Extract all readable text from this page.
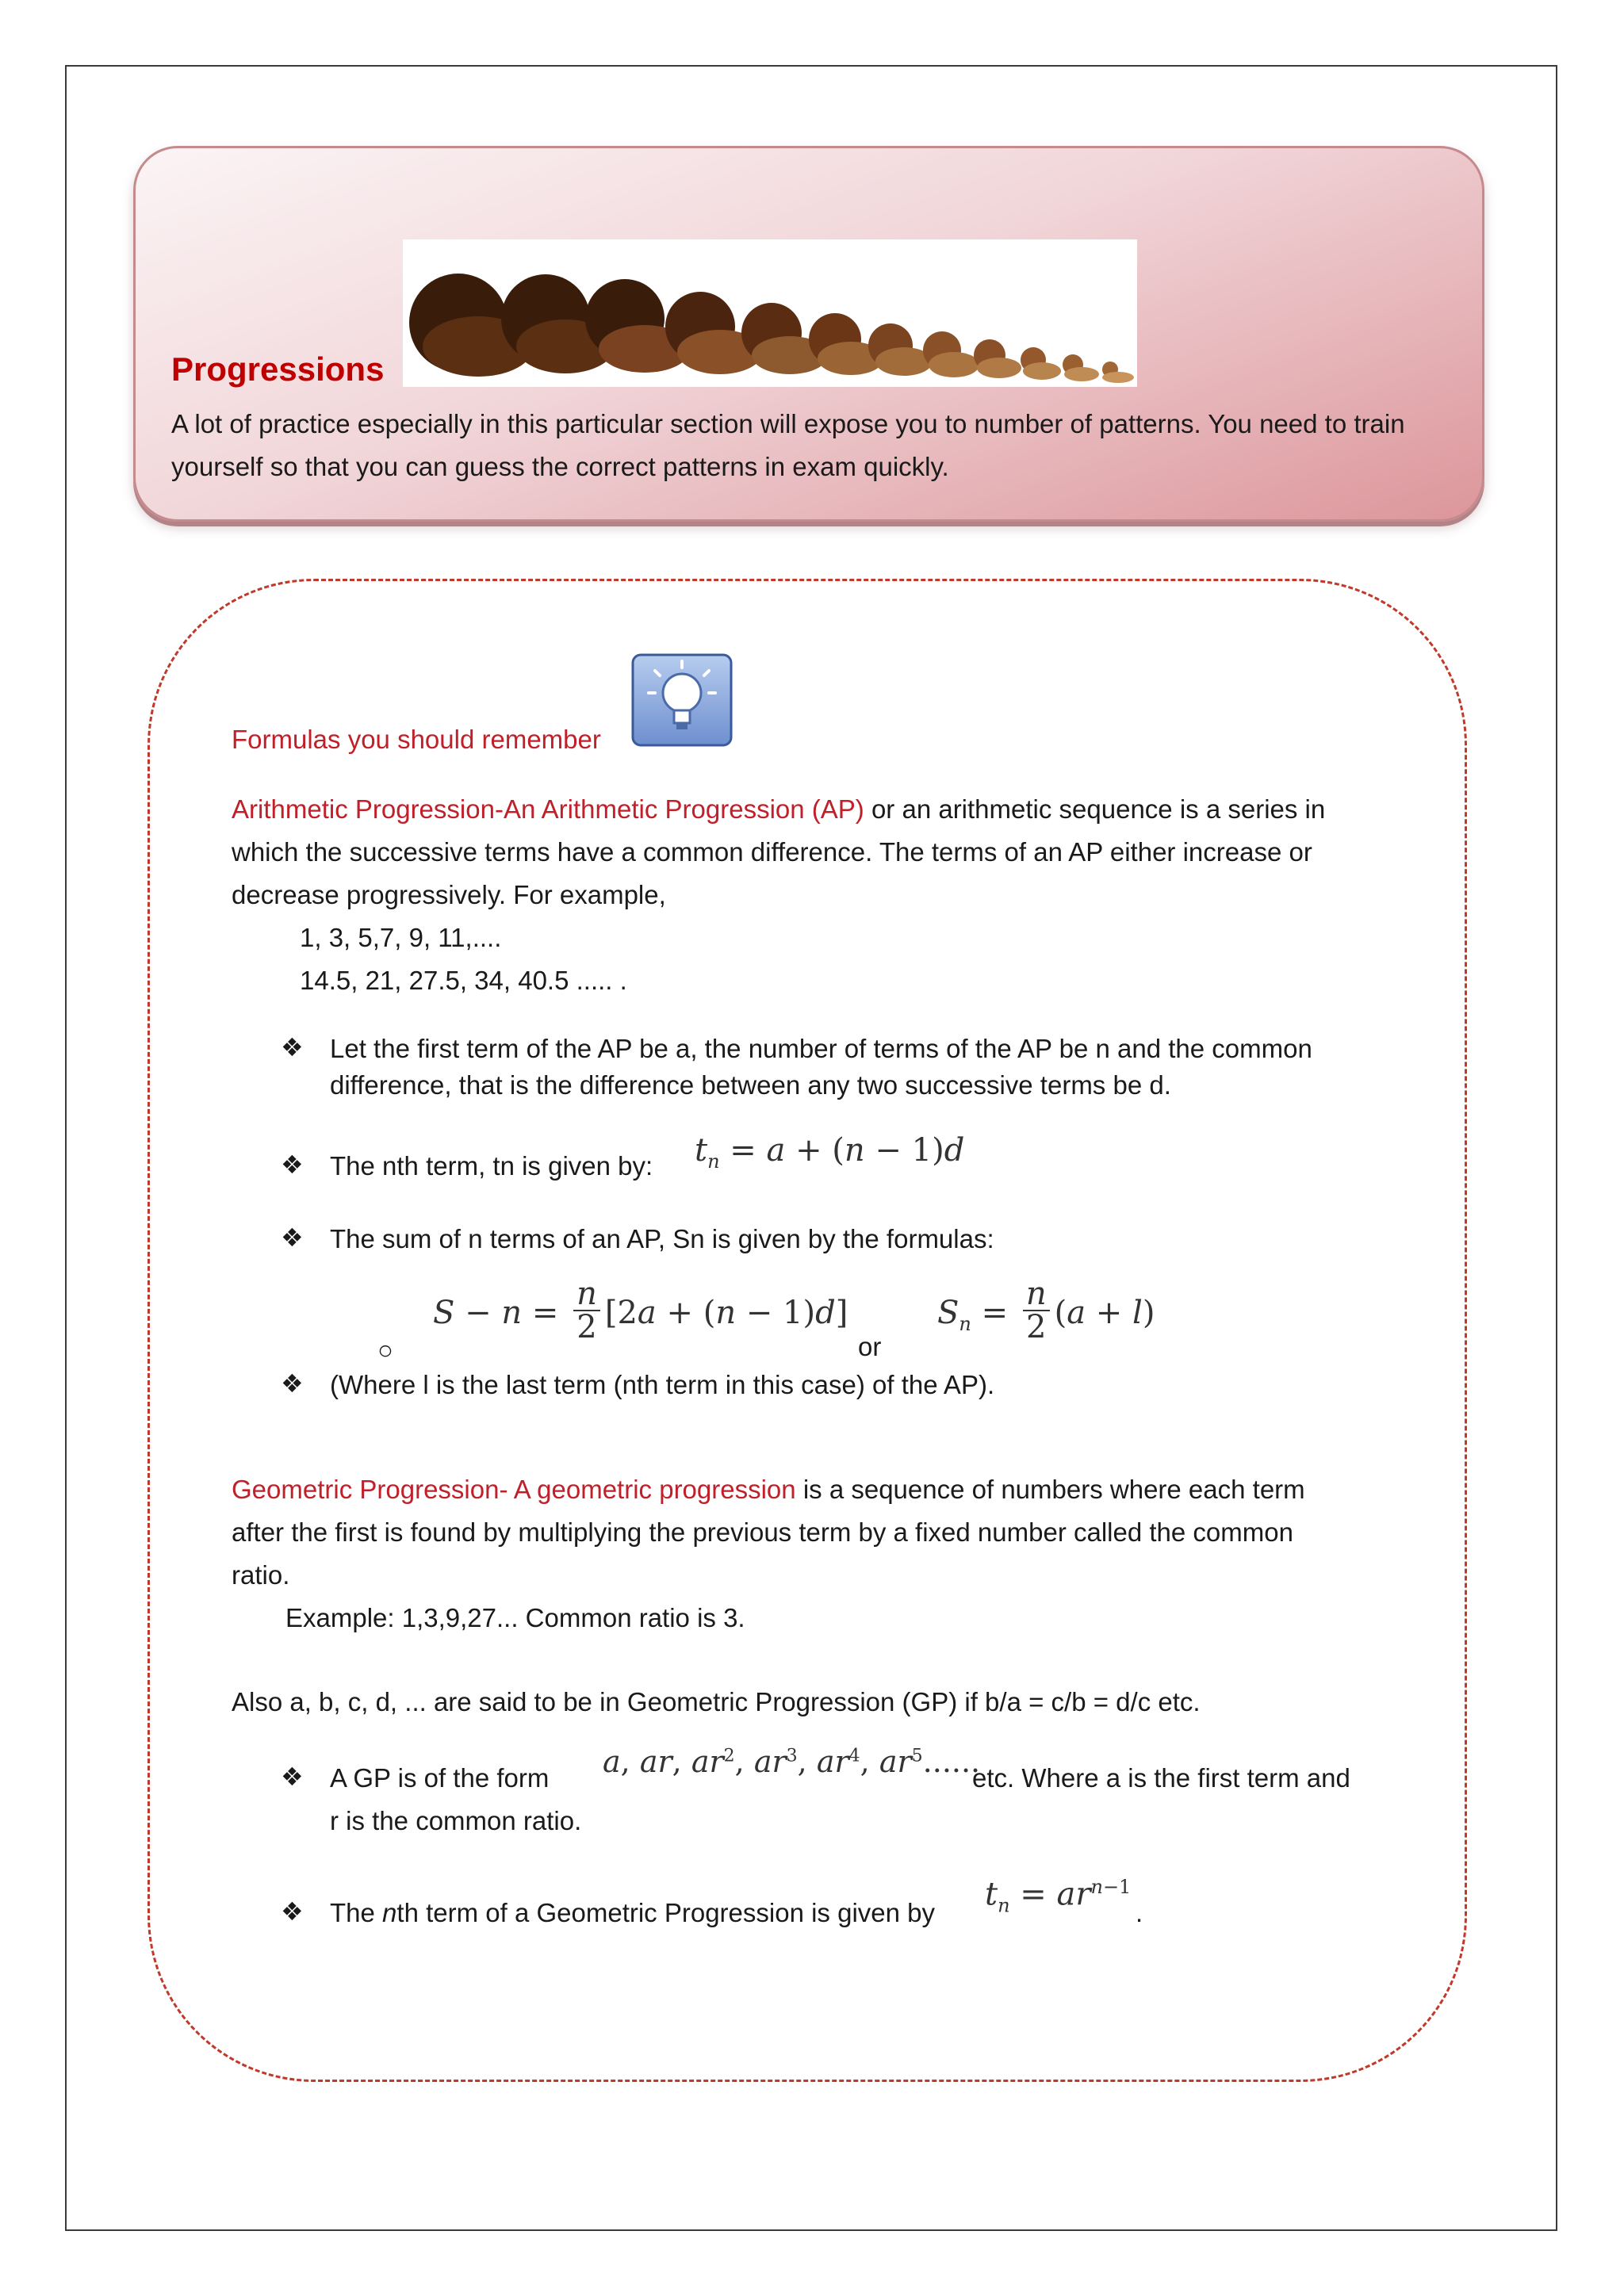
Progressions
A lot of practice especially in this particular section will expose you to number of patterns. You need to train yourself so that you can guess the correct patterns in exam quickly.
Formulas you should remember
Arithmetic Progression-An Arithmetic Progression (AP) or an arithmetic sequence is a series in
which the successive terms have a common difference. The terms of an AP either increase or
decrease progressively. For example,
1, 3, 5,7, 9, 11,....
14.5, 21, 27.5, 34, 40.5 ..... .
❖ Let the first term of the AP be a, the number of terms of the AP be n and the common
difference, that is the difference between any two successive terms be d.
❖ The nth term, tn is given by: $t_n = a + (n - 1)d$
❖ The sum of n terms of an AP, Sn is given by the formulas:
○
$S - n = \frac{n}{2} [2a + (n - 1)d]$
or
$S_n = \frac{n}{2} (a + l)$
❖ (Where l is the last term (nth term in this case) of the AP).
Geometric Progression- A geometric progression is a sequence of numbers where each term
after the first is found by multiplying the previous term by a fixed number called the common
ratio.
Example: 1,3,9,27... Common ratio is 3.
Also a, b, c, d, ... are said to be in Geometric Progression (GP) if b/a = c/b = d/c etc.
❖ A GP is of the form a, ar, $ar^2$, $ar^3$, $ar^4$, $ar^5$......
etc. Where a is the first term and
r is the common ratio.
❖ The nth term of a Geometric Progression is given by
$t_n = ar^{n-1}$
.
